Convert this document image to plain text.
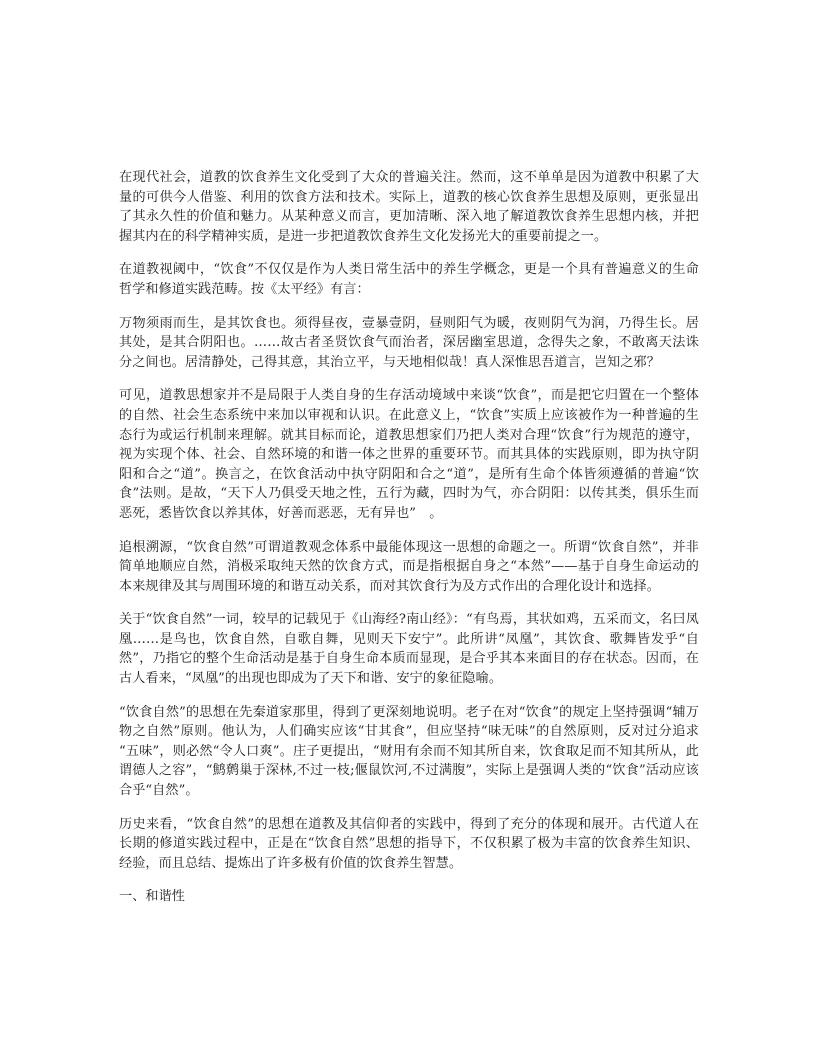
在现代社会，道教的饮食养生文化受到了大众的普遍关注。然而，这不单单是因为道教中积累了大量的可供今人借鉴、利用的饮食方法和技术。实际上，道教的核心饮食养生思想及原则，更张显出了其永久性的价值和魅力。从某种意义而言，更加清晰、深入地了解道教饮食养生思想内核，并把握其内在的科学精神实质，是进一步把道教饮食养生文化发扬光大的重要前提之一。

在道教视阈中，“饮食”不仅仅是作为人类日常生活中的养生学概念，更是一个具有普遍意义的生命哲学和修道实践范畴。按《太平经》有言：

万物须雨而生，是其饮食也。须得昼夜，壹暴壹阴，昼则阳气为暖，夜则阴气为润，乃得生长。居其处，是其合阴阳也。……故古者圣贤饮食气而治者，深居幽室思道，念得失之象，不敢离天法诛分之间也。居清静处，己得其意，其治立平，与天地相似哉！真人深惟思吾道言，岂知之邪？

可见，道教思想家并不是局限于人类自身的生存活动境域中来谈“饮食”，而是把它归置在一个整体的自然、社会生态系统中来加以审视和认识。在此意义上，“饮食”实质上应该被作为一种普遍的生态行为或运行机制来理解。就其目标而论，道教思想家们乃把人类对合理“饮食”行为规范的遵守，视为实现个体、社会、自然环境的和谐一体之世界的重要环节。而其具体的实践原则，即为执守阴阳和合之“道”。换言之，在饮食活动中执守阴阳和合之“道”，是所有生命个体皆须遵循的普遍“饮食”法则。是故，“天下人乃俱受天地之性，五行为藏，四时为气，亦合阴阳：以传其类，俱乐生而恶死，悉皆饮食以养其体，好善而恶恶，无有异也”　。

追根溯源，“饮食自然”可谓道教观念体系中最能体现这一思想的命题之一。所谓“饮食自然”，并非简单地顺应自然，消极采取纯天然的饮食方式，而是指根据自身之“本然”——基于自身生命运动的本来规律及其与周围环境的和谐互动关系，而对其饮食行为及方式作出的合理化设计和选择。

关于“饮食自然”一词，较早的记载见于《山海经?南山经》：“有鸟焉，其状如鸡，五采而文，名曰凤凰……是鸟也，饮食自然，自歌自舞，见则天下安宁”。此所讲“凤凰”，其饮食、歌舞皆发乎“自然”，乃指它的整个生命活动是基于自身生命本质而显现，是合乎其本来面目的存在状态。因而，在古人看来，“凤凰”的出现也即成为了天下和谐、安宁的象征隐喻。

“饮食自然”的思想在先秦道家那里，得到了更深刻地说明。老子在对“饮食”的规定上坚持强调“辅万物之自然”原则。他认为，人们确实应该“甘其食”，但应坚持“味无味”的自然原则，反对过分追求“五味”，则必然“令人口爽”。庄子更提出，“财用有余而不知其所自来，饮食取足而不知其所从，此谓德人之容”，“鹪鹩巢于深林,不过一枝;偃鼠饮河,不过满腹”，实际上是强调人类的“饮食”活动应该合乎“自然”。

历史来看，“饮食自然”的思想在道教及其信仰者的实践中，得到了充分的体现和展开。古代道人在长期的修道实践过程中，正是在“饮食自然”思想的指导下，不仅积累了极为丰富的饮食养生知识、经验，而且总结、提炼出了许多极有价值的饮食养生智慧。

一、和谐性
